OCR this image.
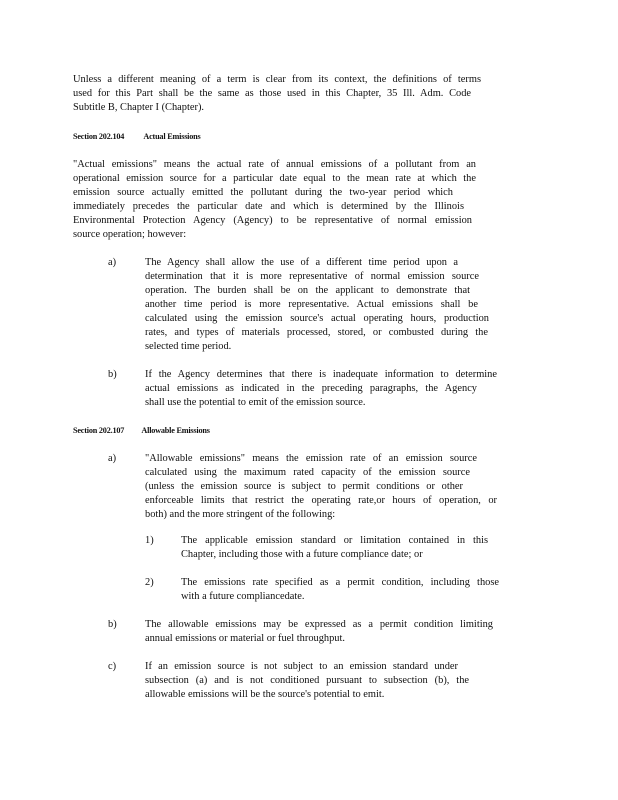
Unless a different meaning of a term is clear from its context, the definitions of terms

used for this Part shall be the same as those used in this Chapter, 35 Ill. Adm. Code

Subtitle B, Chapter I (Chapter).

Section 202.104 Actual Emissions

"Actual emissions" means the actual rate of annual emissions of a pollutant from an

operational emission source for a particular date equal to the mean rate at which the

emission source actually emitted the pollutant during the two-year period which

immediately precedes the particular date and which is determined by the Illinois

Environmental Protection Agency (Agency) to be representative of normal emission

source operation; however:

a)	The Agency shall allow the use of a different time period upon a

determination that it is more representative of normal emission source

operation. The burden shall be on the applicant to demonstrate that

another time period is more representative. Actual emissions shall be

calculated using the emission source's actual operating hours, production

rates, and types of materials processed, stored, or combusted during the

selected time period.

b)	If the Agency determines that there is inadequate information to determine

actual emissions as indicated in the preceding paragraphs, the Agency

shall use the potential to emit of the emission source.

Section 202.107 Allowable Emissions
a)	"Allowable emissions" means the emission rate of an emission source

calculated using the maximum rated capacity of the emission source

(unless the emission source is subject to permit conditions or other

enforceable limits that restrict the operating rate,or hours of operation, or

both) and the more stringent of the following:

1)	The applicable emission standard or limitation contained in this

Chapter, including those with a future compliance date; or

2)	The emissions rate specified as a permit condition, including those

with a future compliancedate.

b)	The allowable emissions may be expressed as a permit condition limiting

annual emissions or material or fuel throughput.

c)	If an emission source is not subject to an emission standard under

subsection (a) and is not conditioned pursuant to subsection (b), the

allowable emissions will be the source's potential to emit.
